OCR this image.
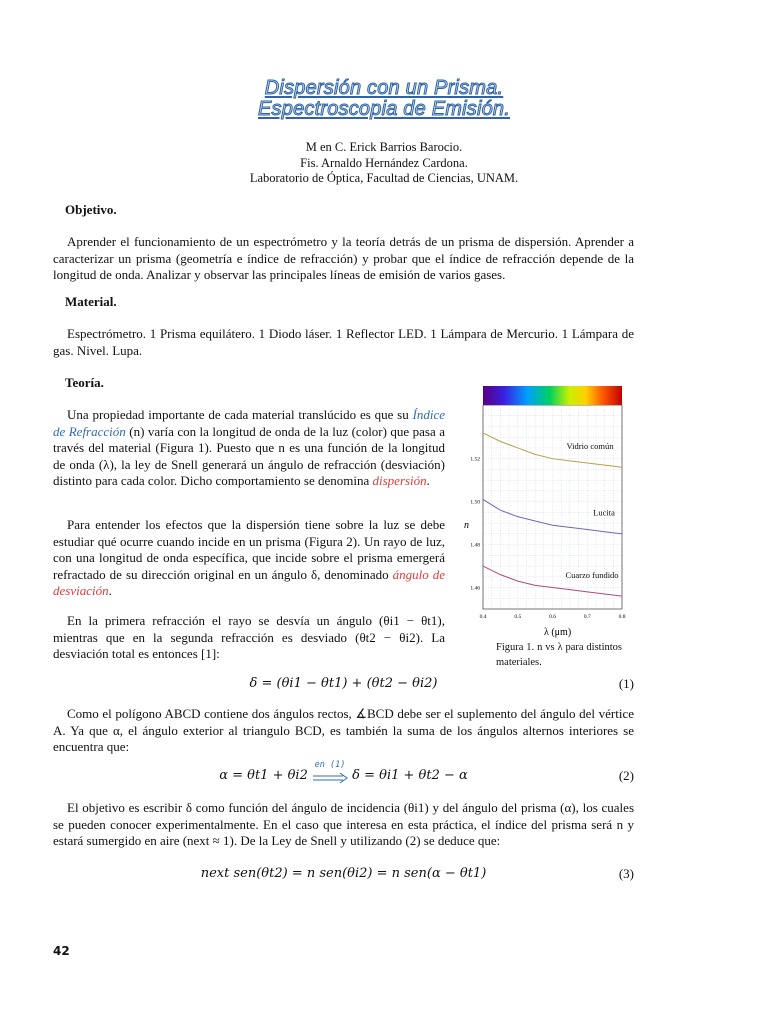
Dispersión con un Prisma.
Espectroscopia de Emisión.
M en C. Erick Barrios Barocio.
Fis. Arnaldo Hernández Cardona.
Laboratorio de Óptica, Facultad de Ciencias, UNAM.
Objetivo.

Aprender el funcionamiento de un espectrómetro y la teoría detrás de un prisma de dispersión. Aprender a caracterizar un prisma (geometría e índice de refracción) y probar que el índice de refracción depende de la longitud de onda. Analizar y observar las principales líneas de emisión de varios gases.

Material.

Espectrómetro. 1 Prisma equilátero. 1 Diodo láser. 1 Reflector LED. 1 Lámpara de Mercurio. 1 Lámpara de gas. Nivel. Lupa.

Teoría.

Una propiedad importante de cada material translúcido es que su Índice de Refracción (n) varía con la longitud de onda de la luz (color) que pasa a través del material (Figura 1). Puesto que n es una función de la longitud de onda (λ), la ley de Snell generará un ángulo de refracción (desviación) distinto para cada color. Dicho comportamiento se denomina dispersión.

Para entender los efectos que la dispersión tiene sobre la luz se debe estudiar qué ocurre cuando incide en un prisma (Figura 2). Un rayo de luz, con una longitud de onda específica, que incide sobre el prisma emergerá refractado de su dirección original en un ángulo δ, denominado ángulo de desviación.

En la primera refracción el rayo se desvía un ángulo (θi1 − θt1), mientras que en la segunda refracción es desviado (θt2 − θi2). La desviación total es entonces [1]:

δ = (θi1 − θt1) + (θt2 − θi2)	(1)

Como el polígono ABCD contiene dos ángulos rectos, ∡BCD debe ser el suplemento del ángulo del vértice A. Ya que α, el ángulo exterior al triangulo BCD, es también la suma de los ángulos alternos interiores se encuentra que:

α = θt1 + θi2
en (1)
δ = θi1 + θt2 − α	(2)

El objetivo es escribir δ como función del ángulo de incidencia (θi1) y del ángulo del prisma (α), los cuales se pueden conocer experimentalmente. En el caso que interesa en esta práctica, el índice del prisma será n y estará sumergido en aire (next ≈ 1). De la Ley de Snell y utilizando (2) se deduce que:

next sen(θt2) = n sen(θi2) = n sen(α − θt1)	(3)
1.46
1.48
1.50
1.52
0.4	0.5	0.6	0.7	0.8
Vidrio común
Lucita
Cuarzo fundido
n
λ (μm)
Figura 1. n vs λ para distintos materiales.
42
